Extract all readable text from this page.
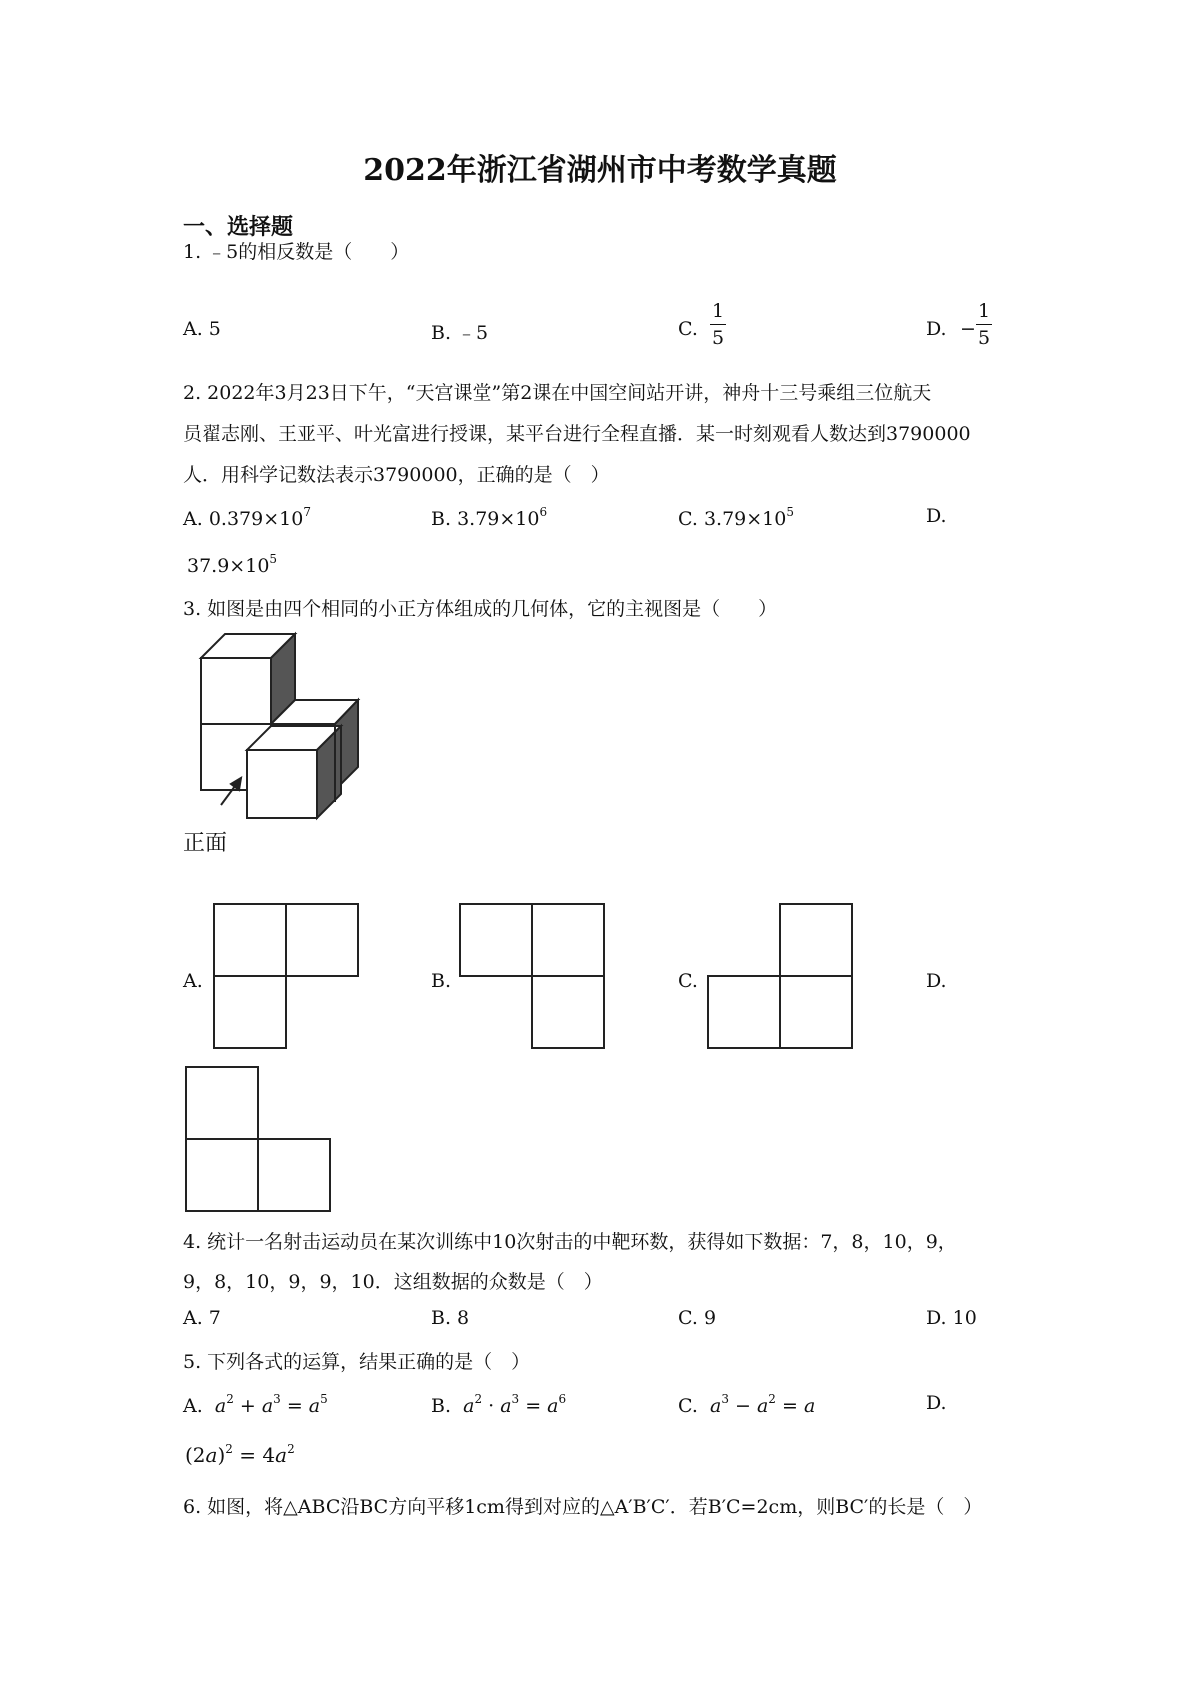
2022年浙江省湖州市中考数学真题
一、选择题
1. ﹣5的相反数是（　　）
A. 5	B. ﹣5	C.
1
5	D. −
1
5
2. 2022年3月23日下午，“天宫课堂”第2课在中国空间站开讲，神舟十三号乘组三位航天
员翟志刚、王亚平、叶光富进行授课，某平台进行全程直播．某一时刻观看人数达到3790000
人．用科学记数法表示3790000，正确的是（　）
A. $0.379\times 10^7$	B. $3.79\times 10^6$	C. $3.79\times 10^5$	D.
$37.9\times 10^5$
3. 如图是由四个相同的小正方体组成的几何体，它的主视图是（　　）
正面
A.	B.	C.	D.
4. 统计一名射击运动员在某次训练中10次射击的中靶环数，获得如下数据：7，8，10，9，
9，8，10，9，9，10．这组数据的众数是（　）
A. 7	B. 8	C. 9	D. 10
5. 下列各式的运算，结果正确的是（　）
A. $a^2 + a^3 = a^5$	B. $a^2 \cdot a^3 = a^6$	C. $a^3 - a^2 = a$	D.
$(2a)^2 = 4a^2$
6. 如图，将△ABC沿BC方向平移1cm得到对应的△A′B′C′．若B′C=2cm，则BC′的长是（　）
